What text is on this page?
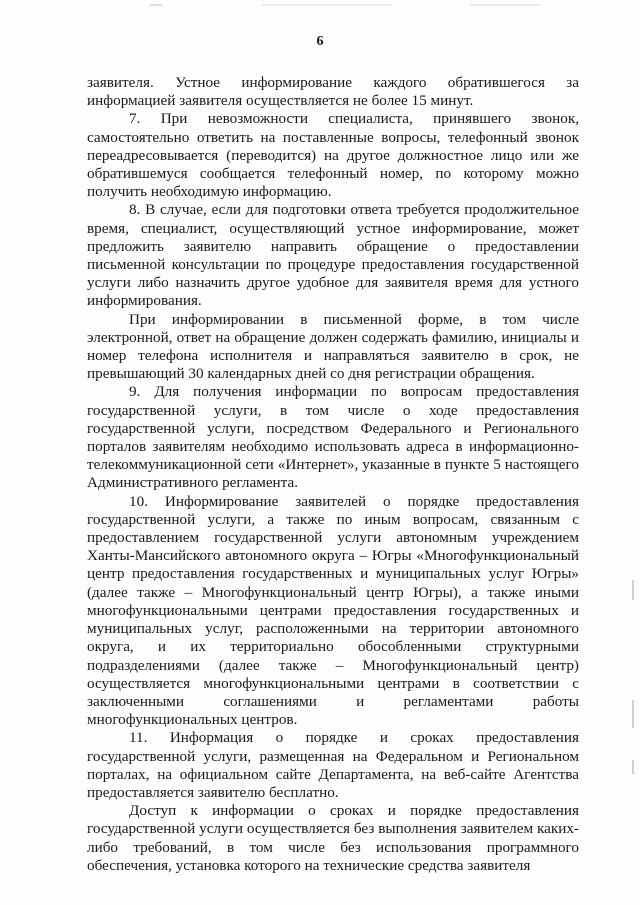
6

заявителя. Устное информирование каждого обратившегося за информацией заявителя осуществляется не более 15 минут.

7. При невозможности специалиста, принявшего звонок, самостоятельно ответить на поставленные вопросы, телефонный звонок переадресовывается (переводится) на другое должностное лицо или же обратившемуся сообщается телефонный номер, по которому можно получить необходимую информацию.

8. В случае, если для подготовки ответа требуется продолжительное время, специалист, осуществляющий устное информирование, может предложить заявителю направить обращение о предоставлении письменной консультации по процедуре предоставления государственной услуги либо назначить другое удобное для заявителя время для устного информирования.

При информировании в письменной форме, в том числе электронной, ответ на обращение должен содержать фамилию, инициалы и номер телефона исполнителя и направляться заявителю в срок, не превышающий 30 календарных дней со дня регистрации обращения.

9. Для получения информации по вопросам предоставления государственной услуги, в том числе о ходе предоставления государственной услуги, посредством Федерального и Регионального порталов заявителям необходимо использовать адреса в информационно-телекоммуникационной сети «Интернет», указанные в пункте 5 настоящего Административного регламента.

10. Информирование заявителей о порядке предоставления государственной услуги, а также по иным вопросам, связанным с предоставлением государственной услуги автономным учреждением Ханты-Мансийского автономного округа – Югры «Многофункциональный центр предоставления государственных и муниципальных услуг Югры» (далее также – Многофункциональный центр Югры), а также иными многофункциональными центрами предоставления государственных и муниципальных услуг, расположенными на территории автономного округа, и их территориально обособленными структурными подразделениями (далее также – Многофункциональный центр) осуществляется многофункциональными центрами в соответствии с заключенными соглашениями и регламентами работы многофункциональных центров.

11. Информация о порядке и сроках предоставления государственной услуги, размещенная на Федеральном и Региональном порталах, на официальном сайте Департамента, на веб-сайте Агентства предоставляется заявителю бесплатно.

Доступ к информации о сроках и порядке предоставления государственной услуги осуществляется без выполнения заявителем каких-либо требований, в том числе без использования программного обеспечения, установка которого на технические средства заявителя
